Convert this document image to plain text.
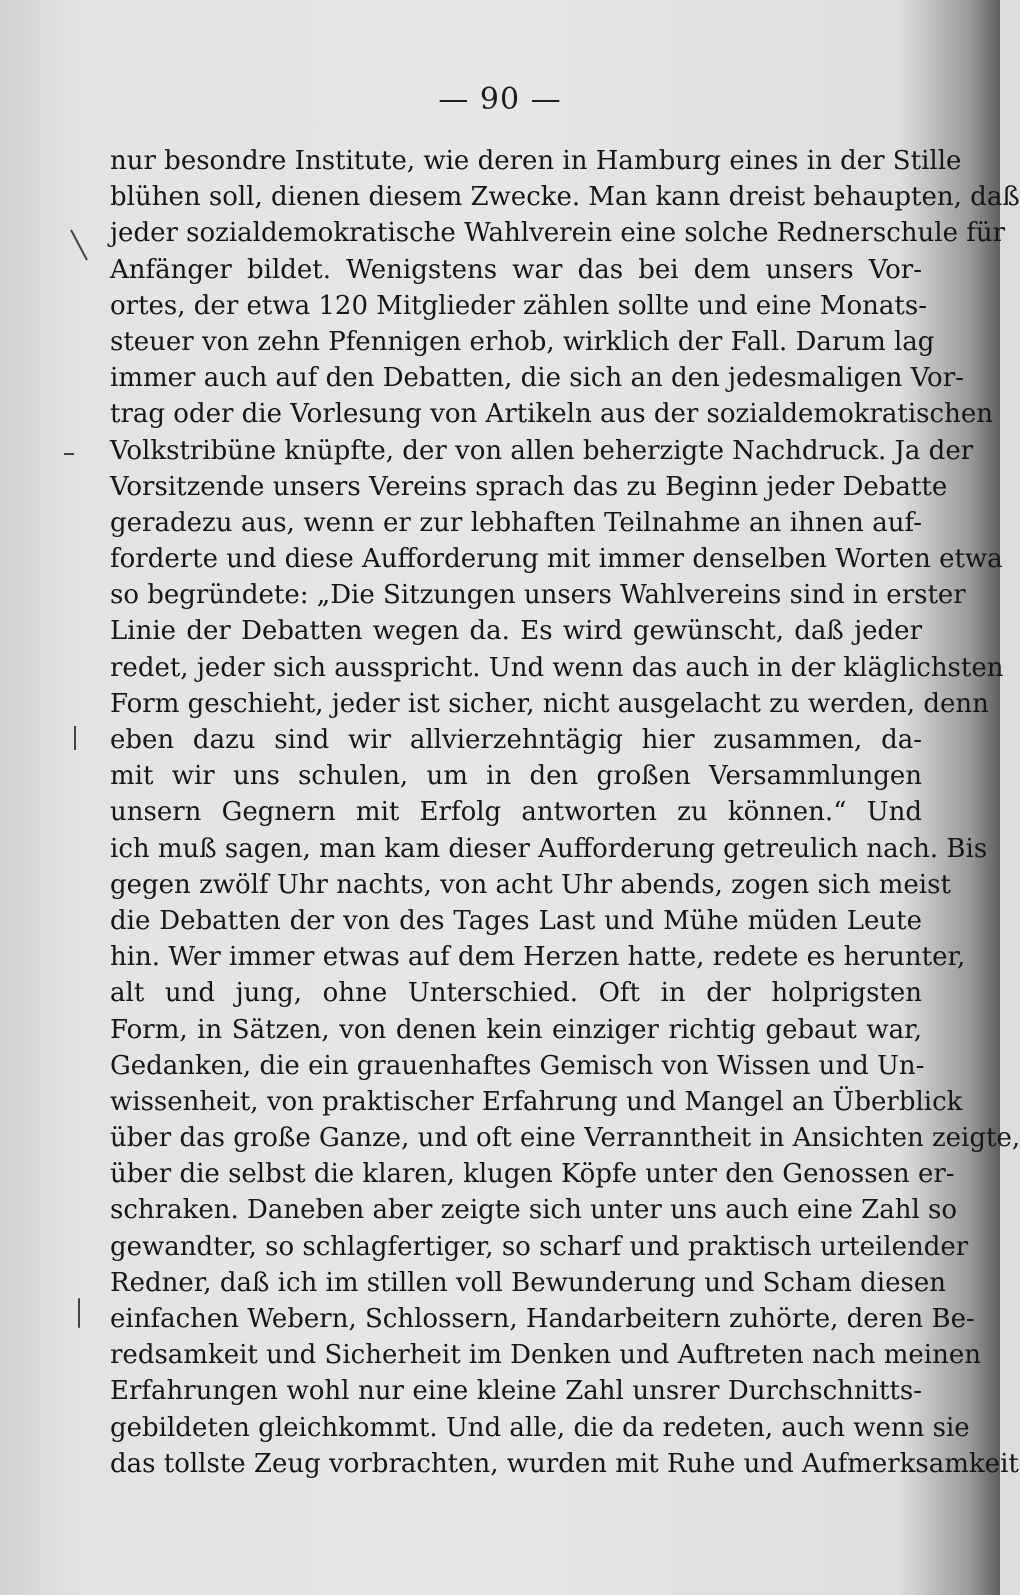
— 90 —
nur besondre Institute, wie deren in Hamburg eines in der Stille
blühen soll, dienen diesem Zwecke. Man kann dreist behaupten, daß
jeder sozialdemokratische Wahlverein eine solche Rednerschule für
Anfänger bildet. Wenigstens war das bei dem unsers Vor-
ortes, der etwa 120 Mitglieder zählen sollte und eine Monats-
steuer von zehn Pfennigen erhob, wirklich der Fall. Darum lag
immer auch auf den Debatten, die sich an den jedesmaligen Vor-
trag oder die Vorlesung von Artikeln aus der sozialdemokratischen
Volkstribüne knüpfte, der von allen beherzigte Nachdruck. Ja der
Vorsitzende unsers Vereins sprach das zu Beginn jeder Debatte
geradezu aus, wenn er zur lebhaften Teilnahme an ihnen auf-
forderte und diese Aufforderung mit immer denselben Worten etwa
so begründete: „Die Sitzungen unsers Wahlvereins sind in erster
Linie der Debatten wegen da. Es wird gewünscht, daß jeder
redet, jeder sich ausspricht. Und wenn das auch in der kläglichsten
Form geschieht, jeder ist sicher, nicht ausgelacht zu werden, denn
eben dazu sind wir allvierzehntägig hier zusammen, da-
mit wir uns schulen, um in den großen Versammlungen
unsern Gegnern mit Erfolg antworten zu können.“ Und
ich muß sagen, man kam dieser Aufforderung getreulich nach. Bis
gegen zwölf Uhr nachts, von acht Uhr abends, zogen sich meist
die Debatten der von des Tages Last und Mühe müden Leute
hin. Wer immer etwas auf dem Herzen hatte, redete es herunter,
alt und jung, ohne Unterschied. Oft in der holprigsten
Form, in Sätzen, von denen kein einziger richtig gebaut war,
Gedanken, die ein grauenhaftes Gemisch von Wissen und Un-
wissenheit, von praktischer Erfahrung und Mangel an Überblick
über das große Ganze, und oft eine Verranntheit in Ansichten zeigte,
über die selbst die klaren, klugen Köpfe unter den Genossen er-
schraken. Daneben aber zeigte sich unter uns auch eine Zahl so
gewandter, so schlagfertiger, so scharf und praktisch urteilender
Redner, daß ich im stillen voll Bewunderung und Scham diesen
einfachen Webern, Schlossern, Handarbeitern zuhörte, deren Be-
redsamkeit und Sicherheit im Denken und Auftreten nach meinen
Erfahrungen wohl nur eine kleine Zahl unsrer Durchschnitts-
gebildeten gleichkommt. Und alle, die da redeten, auch wenn sie
das tollste Zeug vorbrachten, wurden mit Ruhe und Aufmerksamkeit
